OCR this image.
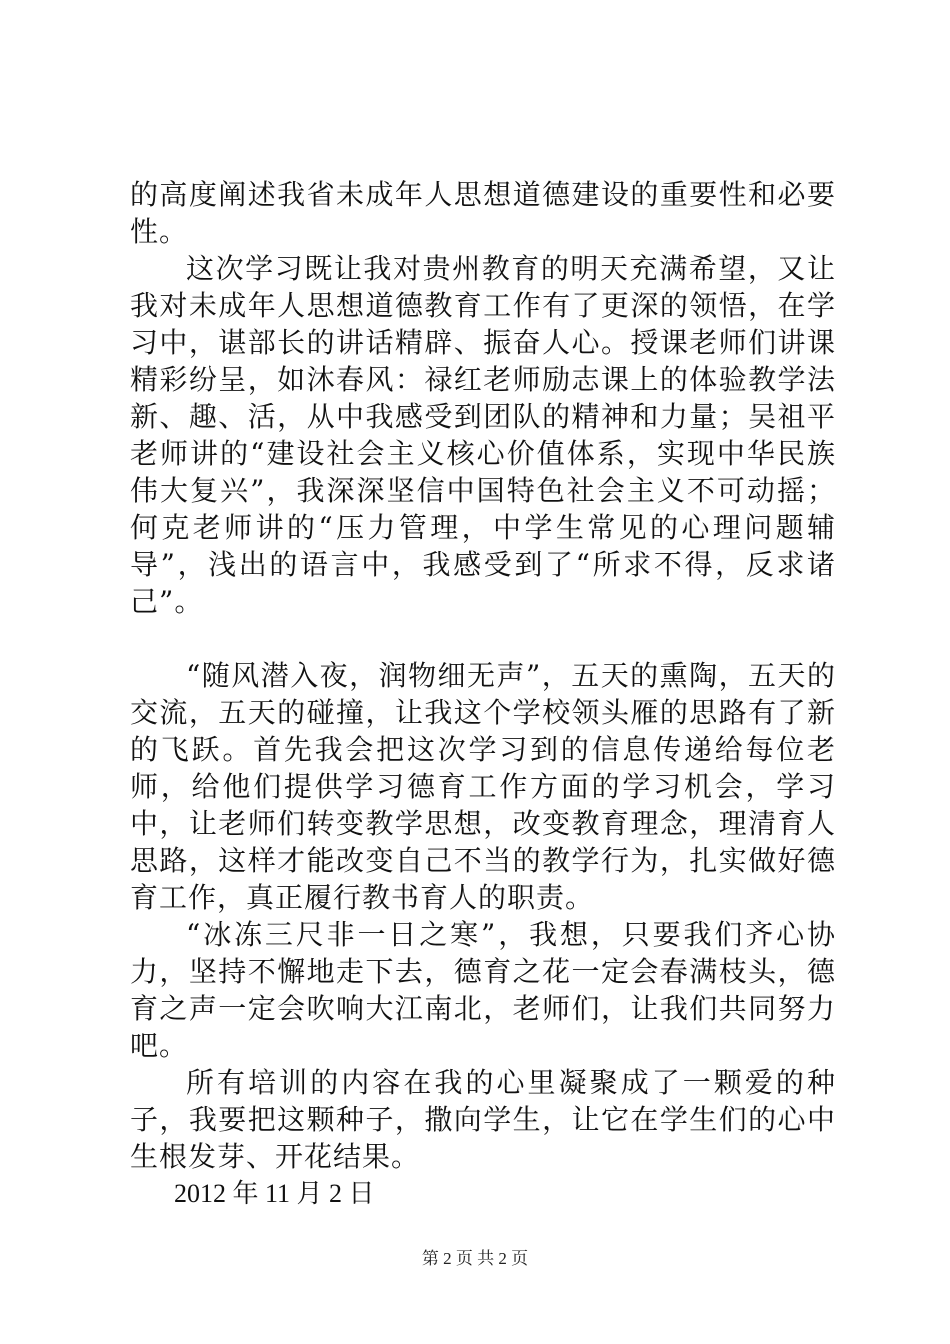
的高度阐述我省未成年人思想道德建设的重要性和必要性。

这次学习既让我对贵州教育的明天充满希望，又让我对未成年人思想道德教育工作有了更深的领悟，在学习中，谌部长的讲话精辟、振奋人心。授课老师们讲课精彩纷呈，如沐春风：禄红老师励志课上的体验教学法新、趣、活，从中我感受到团队的精神和力量；吴祖平老师讲的“建设社会主义核心价值体系，实现中华民族伟大复兴”，我深深坚信中国特色社会主义不可动摇；何克老师讲的“压力管理，中学生常见的心理问题辅导”，浅出的语言中，我感受到了“所求不得，反求诸己”。

“随风潜入夜，润物细无声”，五天的熏陶，五天的交流，五天的碰撞，让我这个学校领头雁的思路有了新的飞跃。首先我会把这次学习到的信息传递给每位老师，给他们提供学习德育工作方面的学习机会，学习中，让老师们转变教学思想，改变教育理念，理清育人思路，这样才能改变自己不当的教学行为，扎实做好德育工作，真正履行教书育人的职责。

“冰冻三尺非一日之寒”，我想，只要我们齐心协力，坚持不懈地走下去，德育之花一定会春满枝头，德育之声一定会吹响大江南北，老师们，让我们共同努力吧。

所有培训的内容在我的心里凝聚成了一颗爱的种子，我要把这颗种子，撒向学生，让它在学生们的心中生根发芽、开花结果。

2012 年 11 月 2 日

第 2 页 共 2 页
